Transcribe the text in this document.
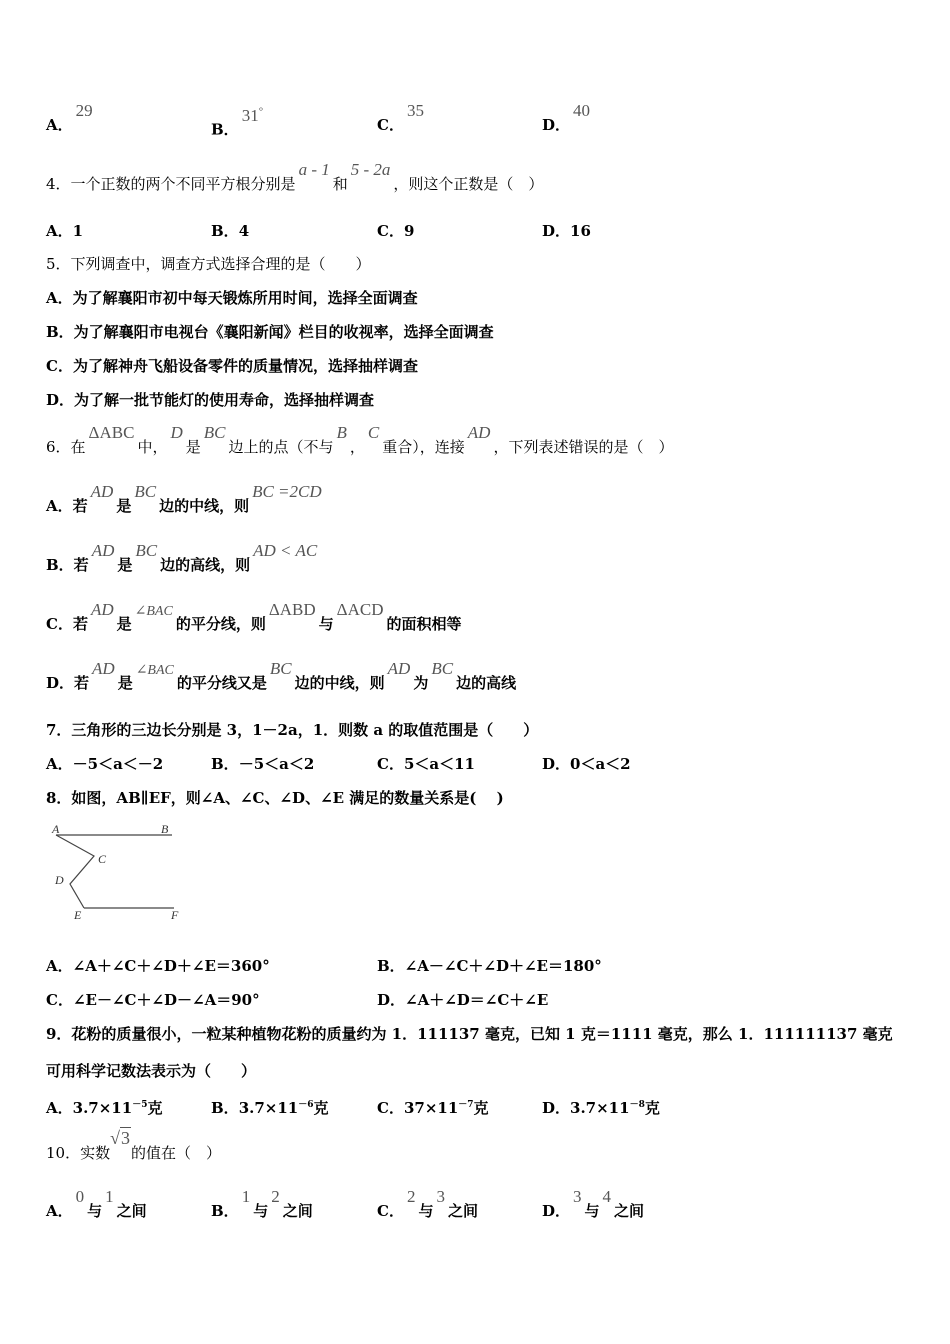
A．29
B．31°
C．35
D．40
4．一个正数的两个不同平方根分别是a - 1和5 - 2a，则这个正数是（　）
A．1	B．4	C．9	D．16
5．下列调查中，调查方式选择合理的是（　　）
A．为了解襄阳市初中每天锻炼所用时间，选择全面调查
B．为了解襄阳市电视台《襄阳新闻》栏目的收视率，选择全面调查
C．为了解神舟飞船设备零件的质量情况，选择抽样调查
D．为了解一批节能灯的使用寿命，选择抽样调查
6．在ΔABC中，D是BC边上的点（不与B，C重合），连接AD，下列表述错误的是（　）
A．若AD是BC边的中线，则BC =2CD
B．若AD是BC边的高线，则AD < AC
C．若AD是∠BAC的平分线，则ΔABD与ΔACD的面积相等
D．若AD是∠BAC的平分线又是BC边的中线，则AD为BC边的高线
7．三角形的三边长分别是 3，1－2a，1．则数 a 的取值范围是（　　）
A．－5＜a＜－2	B．－5＜a＜2	C．5＜a＜11	D．0＜a＜2
8．如图，AB∥EF，则∠A、∠C、∠D、∠E 满足的数量关系是(　 )
A	B
C
D
E	F
A．∠A＋∠C＋∠D＋∠E＝360°	B．∠A－∠C＋∠D＋∠E＝180°
C．∠E－∠C＋∠D－∠A＝90°	D．∠A＋∠D＝∠C＋∠E
9．花粉的质量很小，一粒某种植物花粉的质量约为 1．111137 毫克，已知 1 克＝1111 毫克，那么 1．111111137 毫克
可用科学记数法表示为（　　）
A．$3.7\times 11^{-5}$克	B．$3.7\times 11^{-6}$克	C．$37\times 11^{-7}$克	D．$3.7\times 11^{-8}$克
10．实数√3的值在（　）
A．0与1之间	B．1与2之间	C．2与3之间	D．3与4之间
